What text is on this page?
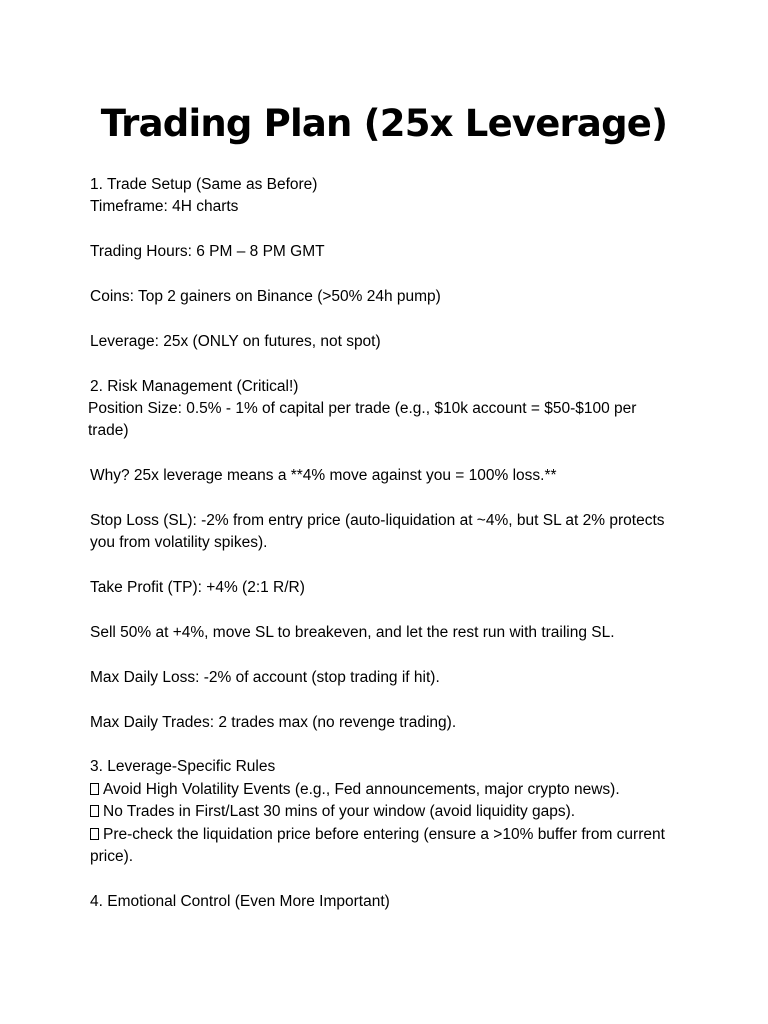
Trading Plan (25x Leverage)
1. Trade Setup (Same as Before)
Timeframe: 4H charts
Trading Hours: 6 PM – 8 PM GMT
Coins: Top 2 gainers on Binance (>50% 24h pump)
Leverage: 25x (ONLY on futures, not spot)
2. Risk Management (Critical!)
Position Size: 0.5% - 1% of capital per trade (e.g., $10k account = $50-$100 per trade)
Why? 25x leverage means a **4% move against you = 100% loss.**
Stop Loss (SL): -2% from entry price (auto-liquidation at ~4%, but SL at 2% protects you from volatility spikes).
Take Profit (TP): +4% (2:1 R/R)
Sell 50% at +4%, move SL to breakeven, and let the rest run with trailing SL.
Max Daily Loss: -2% of account (stop trading if hit).
Max Daily Trades: 2 trades max (no revenge trading).
3. Leverage-Specific Rules
Avoid High Volatility Events (e.g., Fed announcements, major crypto news).
No Trades in First/Last 30 mins of your window (avoid liquidity gaps).
Pre-check the liquidation price before entering (ensure a >10% buffer from current price).
4. Emotional Control (Even More Important)
